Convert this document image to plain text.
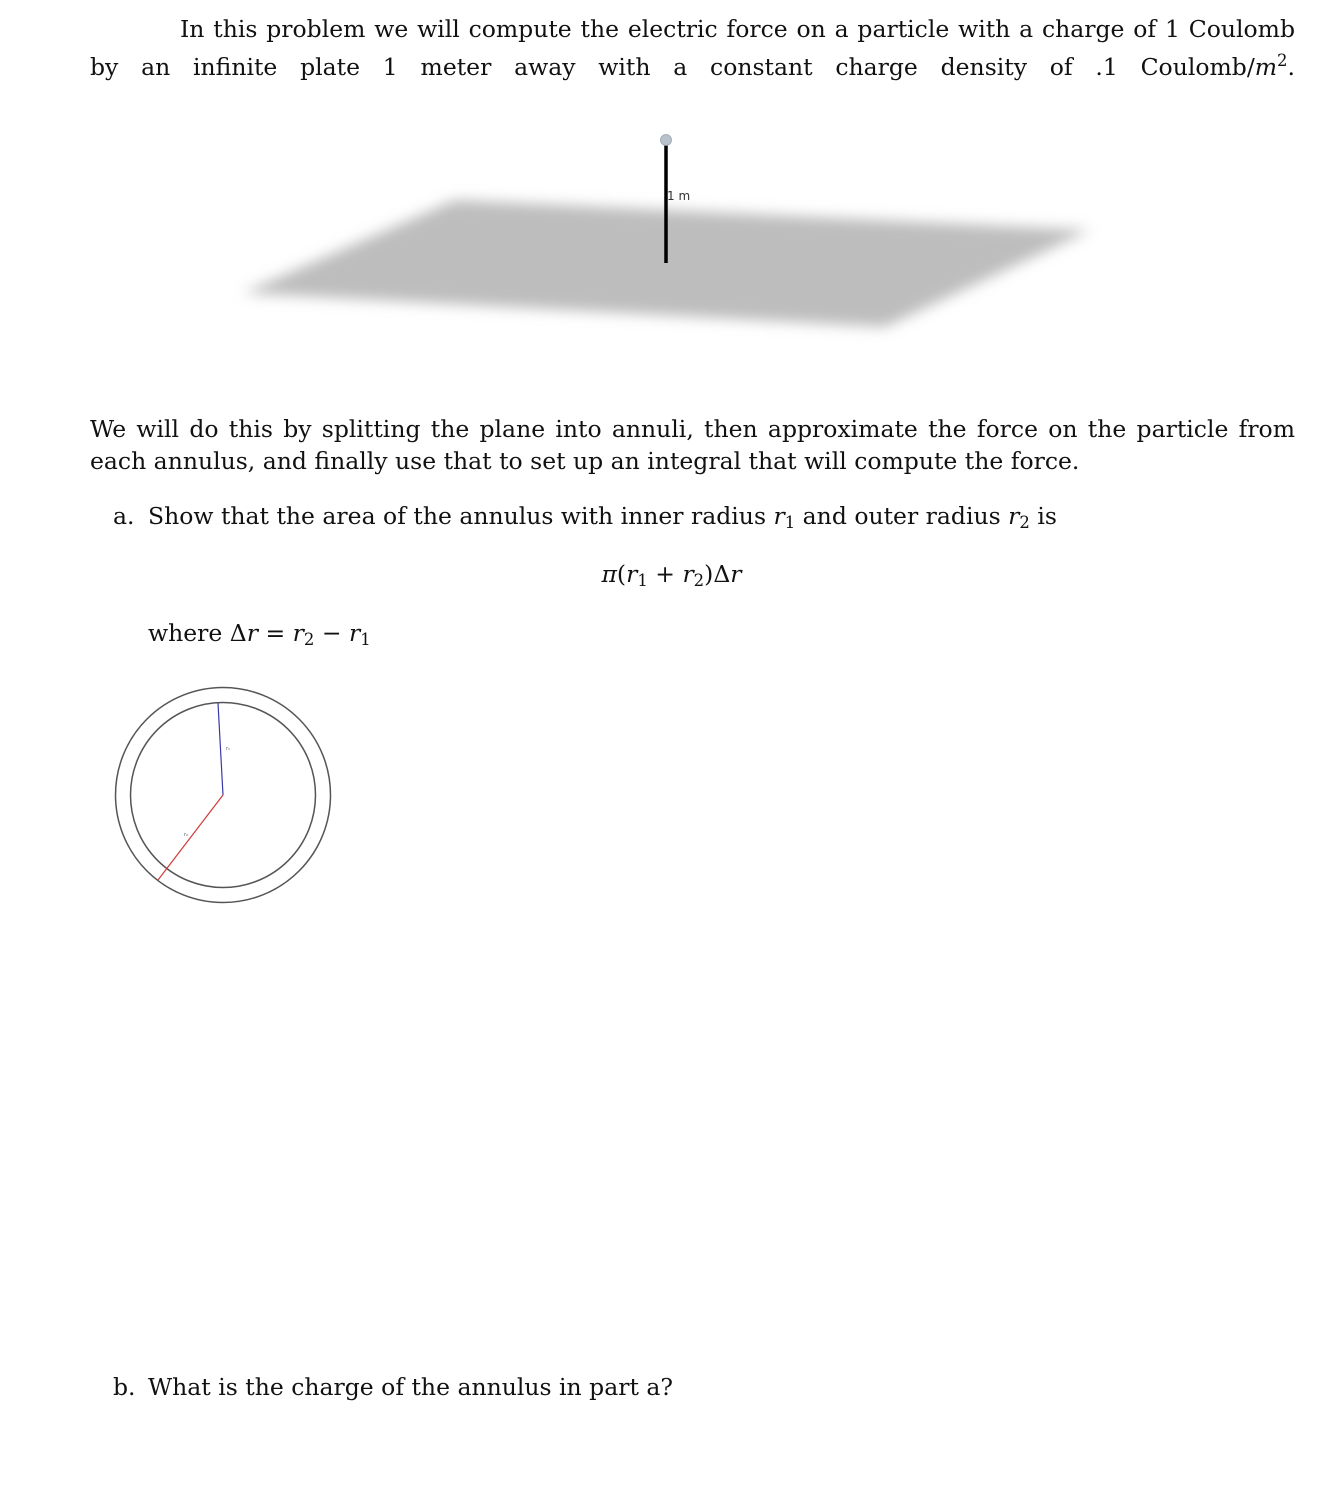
In this problem we will compute the electric force on a particle with a charge of 1 Coulomb by an infinite plate 1 meter away with a constant charge density of .1 Coulomb/$m^2$.
1 m
We will do this by splitting the plane into annuli, then approximate the force on the particle from each annulus, and finally use that to set up an integral that will compute the force.
a. Show that the area of the annulus with inner radius $r_1$ and outer radius $r_2$ is
$\pi(r_1 + r_2)\Delta r$
where $\Delta r = r_2 - r_1$
r₁
r₂
b. What is the charge of the annulus in part a?
